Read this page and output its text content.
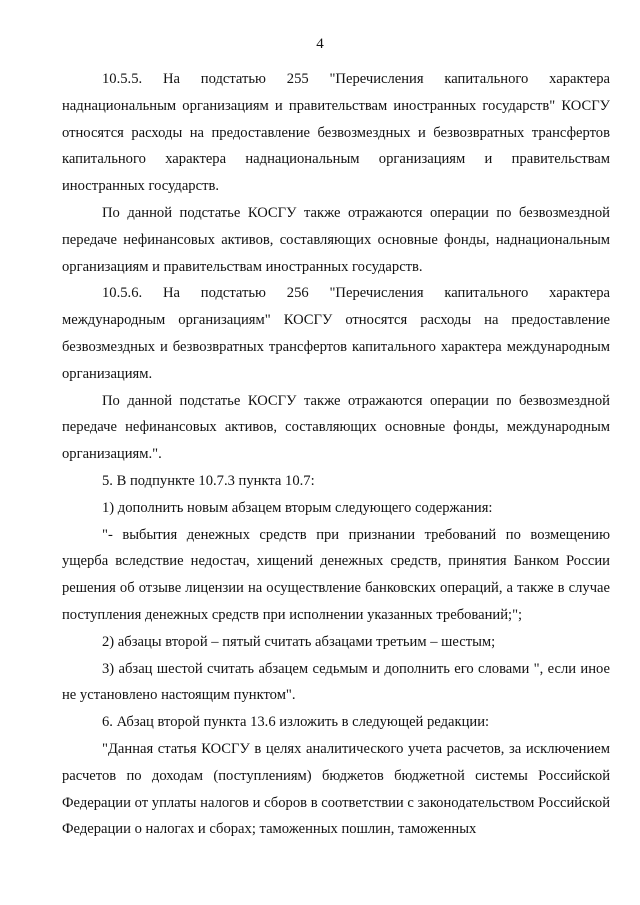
4

10.5.5. На подстатью 255 "Перечисления капитального характера наднациональным организациям и правительствам иностранных государств" КОСГУ относятся расходы на предоставление безвозмездных и безвозвратных трансфертов капитального характера наднациональным организациям и правительствам иностранных государств.

По данной подстатье КОСГУ также отражаются операции по безвозмездной передаче нефинансовых активов, составляющих основные фонды, наднациональным организациям и правительствам иностранных государств.

10.5.6. На подстатью 256 "Перечисления капитального характера международным организациям" КОСГУ относятся расходы на предоставление безвозмездных и безвозвратных трансфертов капитального характера международным организациям.

По данной подстатье КОСГУ также отражаются операции по безвозмездной передаче нефинансовых активов, составляющих основные фонды, международным организациям.".

5. В подпункте 10.7.3 пункта 10.7:

1) дополнить новым абзацем вторым следующего содержания:

"- выбытия денежных средств при признании требований по возмещению ущерба вследствие недостач, хищений денежных средств, принятия Банком России решения об отзыве лицензии на осуществление банковских операций, а также в случае поступления денежных средств при исполнении указанных требований;";

2) абзацы второй – пятый считать абзацами третьим – шестым;

3) абзац шестой считать абзацем седьмым и дополнить его словами ", если иное не установлено настоящим пунктом".

6. Абзац второй пункта 13.6 изложить в следующей редакции:

"Данная статья КОСГУ в целях аналитического учета расчетов, за исключением расчетов по доходам (поступлениям) бюджетов бюджетной системы Российской Федерации от уплаты налогов и сборов в соответствии с законодательством Российской Федерации о налогах и сборах; таможенных пошлин, таможенных
